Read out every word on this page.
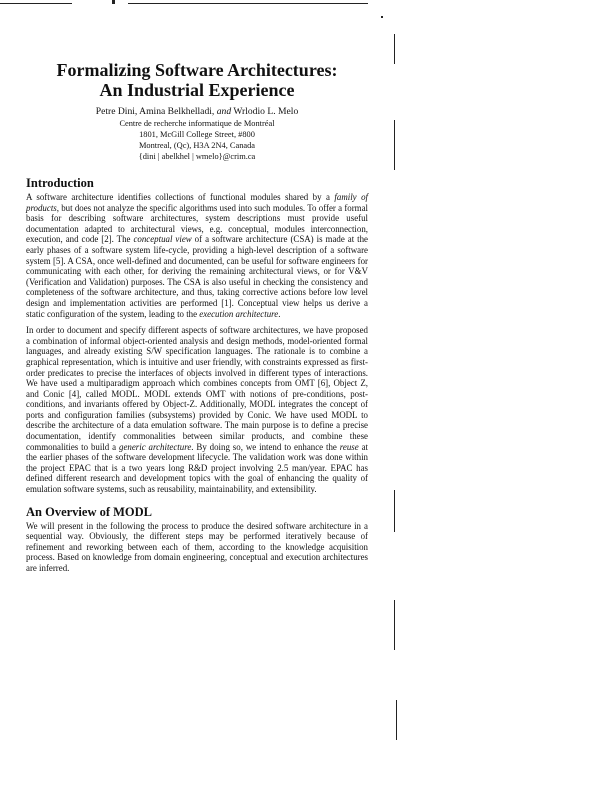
Formalizing Software Architectures:
An Industrial Experience
Petre Dini, Amina Belkhelladi, and Wrlodio L. Melo
Centre de recherche informatique de Montréal
1801, McGill College Street, #800
Montreal, (Qc), H3A 2N4, Canada
{dini | abelkhel | wmelo}@crim.ca
Introduction

A software architecture identifies collections of functional modules shared by a family of products, but does not analyze the specific algorithms used into such modules. To offer a formal basis for describing software architectures, system descriptions must provide useful documentation adapted to architectural views, e.g. conceptual, modules interconnection, execution, and code [2]. The conceptual view of a software architecture (CSA) is made at the early phases of a software system life-cycle, providing a high-level description of a software system [5]. A CSA, once well-defined and documented, can be useful for software engineers for communicating with each other, for deriving the remaining architectural views, or for V&V (Verification and Validation) purposes. The CSA is also useful in checking the consistency and completeness of the software architecture, and thus, taking corrective actions before low level design and implementation activities are performed [1]. Conceptual view helps us derive a static configuration of the system, leading to the execution architecture.

In order to document and specify different aspects of software architectures, we have proposed a combination of informal object-oriented analysis and design methods, model-oriented formal languages, and already existing S/W specification languages. The rationale is to combine a graphical representation, which is intuitive and user friendly, with constraints expressed as first-order predicates to precise the interfaces of objects involved in different types of interactions. We have used a multiparadigm approach which combines concepts from OMT [6], Object Z, and Conic [4], called MODL. MODL extends OMT with notions of pre-conditions, post-conditions, and invariants offered by Object-Z. Additionally, MODL integrates the concept of ports and configuration families (subsystems) provided by Conic. We have used MODL to describe the architecture of a data emulation software. The main purpose is to define a precise documentation, identify commonalities between similar products, and combine these commonalities to build a generic architecture. By doing so, we intend to enhance the reuse at the earlier phases of the software development lifecycle. The validation work was done within the project EPAC that is a two years long R&D project involving 2.5 man/year. EPAC has defined different research and development topics with the goal of enhancing the quality of emulation software systems, such as reusability, maintainability, and extensibility.

An Overview of MODL

We will present in the following the process to produce the desired software architecture in a sequential way. Obviously, the different steps may be performed iteratively because of refinement and reworking between each of them, according to the knowledge acquisition process. Based on knowledge from domain engineering, conceptual and execution architectures are inferred.
